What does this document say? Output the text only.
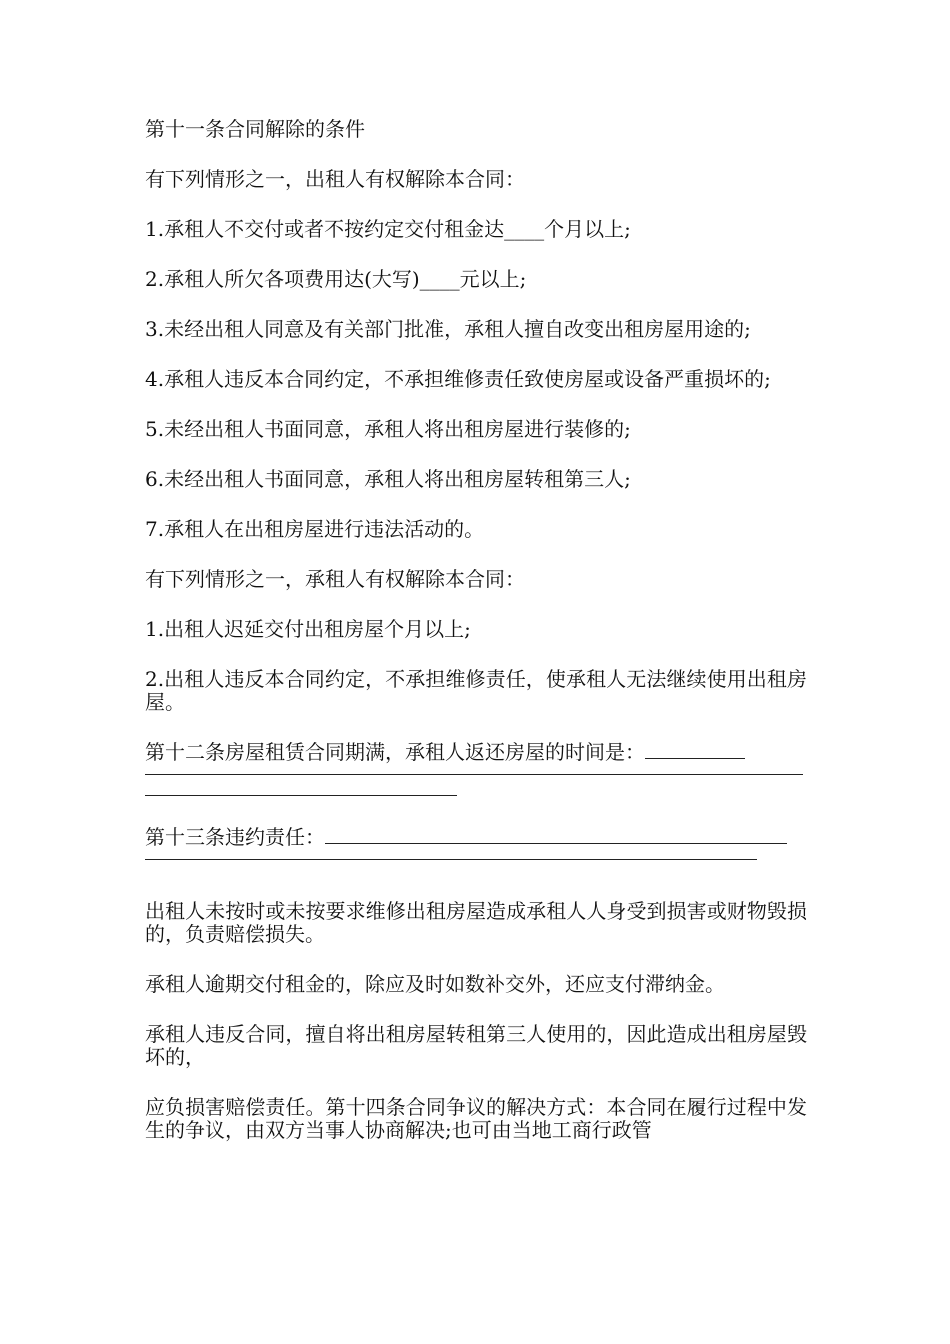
第十一条合同解除的条件

有下列情形之一，出租人有权解除本合同：

1.承租人不交付或者不按约定交付租金达____个月以上;

2.承租人所欠各项费用达(大写)____元以上;

3.未经出租人同意及有关部门批准，承租人擅自改变出租房屋用途的;

4.承租人违反本合同约定，不承担维修责任致使房屋或设备严重损坏的;

5.未经出租人书面同意，承租人将出租房屋进行装修的;

6.未经出租人书面同意，承租人将出租房屋转租第三人;

7.承租人在出租房屋进行违法活动的。

有下列情形之一，承租人有权解除本合同：

1.出租人迟延交付出租房屋个月以上;

2.出租人违反本合同约定，不承担维修责任，使承租人无法继续使用出租房屋。

第十二条房屋租赁合同期满，承租人返还房屋的时间是：
第十三条违约责任：

出租人未按时或未按要求维修出租房屋造成承租人人身受到损害或财物毁损的，负责赔偿损失。

承租人逾期交付租金的，除应及时如数补交外，还应支付滞纳金。

承租人违反合同，擅自将出租房屋转租第三人使用的，因此造成出租房屋毁坏的，

应负损害赔偿责任。第十四条合同争议的解决方式：本合同在履行过程中发生的争议，由双方当事人协商解决;也可由当地工商行政管
